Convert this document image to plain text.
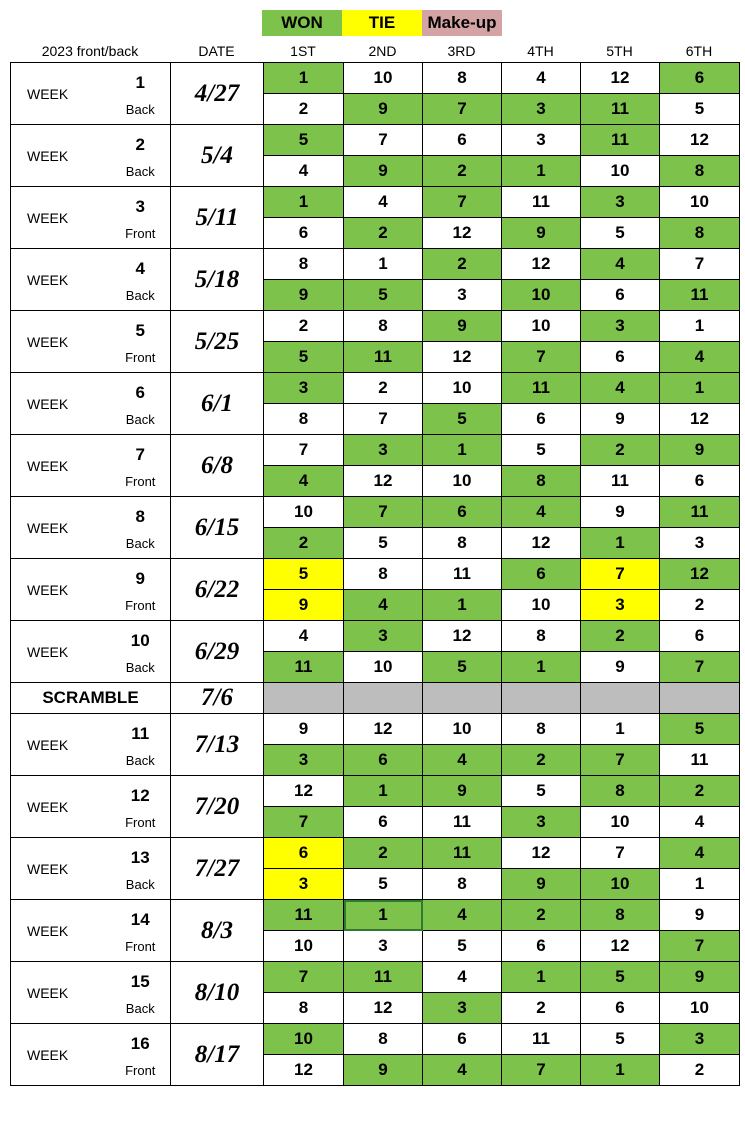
WON	TIE	Make-up
2023 front/back	DATE	1ST	2ND	3RD	4TH	5TH	6TH
WEEK	1
Back	4/27	1	10	8	4	12	6
			2	9	7	3	11	5

WEEK	2
Back	5/4	5	7	6	3	11	12
			4	9	2	1	10	8

WEEK	3
Front	5/11	1	4	7	11	3	10
			6	2	12	9	5	8

WEEK	4
Back	5/18	8	1	2	12	4	7
			9	5	3	10	6	11

WEEK	5
Front	5/25	2	8	9	10	3	1
			5	11	12	7	6	4

WEEK	6
Back	6/1	3	2	10	11	4	1
			8	7	5	6	9	12

WEEK	7
Front	6/8	7	3	1	5	2	9
			4	12	10	8	11	6

WEEK	8
Back	6/15	10	7	6	4	9	11
			2	5	8	12	1	3

WEEK	9
Front	6/22	5	8	11	6	7	12
			9	4	1	10	3	2

WEEK	10
Back	6/29	4	3	12	8	2	6
			11	10	5	1	9	7
SCRAMBLE		7/6						

WEEK	11
Back	7/13	9	12	10	8	1	5
			3	6	4	2	7	11

WEEK	12
Front	7/20	12	1	9	5	8	2
			7	6	11	3	10	4

WEEK	13
Back	7/27	6	2	11	12	7	4
			3	5	8	9	10	1

WEEK	14
Front	8/3	11	1	4	2	8	9
			10	3	5	6	12	7

WEEK	15
Back	8/10	7	11	4	1	5	9
			8	12	3	2	6	10

WEEK	16
Front	8/17	10	8	6	11	5	3
			12	9	4	7	1	2
